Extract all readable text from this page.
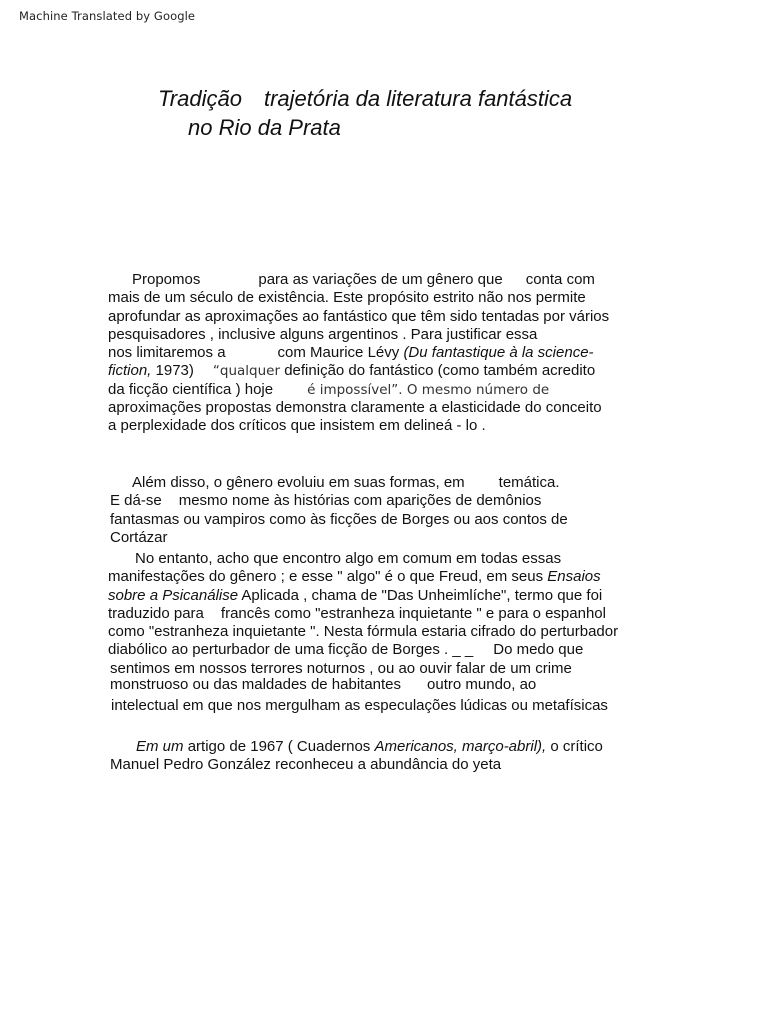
Machine Translated by Google
Tradição trajetória da literatura fantástica
no Rio da Prata
Propomos	para as variações de um gênero que conta com
mais de um século de existência. Este propósito estrito não nos permite
aprofundar as aproximações ao fantástico que têm sido tentadas por vários
pesquisadores , inclusive alguns argentinos . Para justificar essa
nos limitaremos a	com Maurice Lévy (Du fantastique à la science-
fiction, 1973) “qualquer definição do fantástico (como também acredito
da ficção científica ) hoje	é impossível”. O mesmo número de
aproximações propostas demonstra claramente a elasticidade do conceito
a perplexidade dos críticos que insistem em delineá - lo .
Além disso, o gênero evoluiu em suas formas, em temática.
E dá-se mesmo nome às histórias com aparições de demônios
fantasmas ou vampiros como às ficções de Borges ou aos contos de
Cortázar
No entanto, acho que encontro algo em comum em todas essas
manifestações do gênero ; e esse " algo" é o que Freud, em seus Ensaios
sobre a Psicanálise Aplicada , chama de "Das Unheimlíche", termo que foi
traduzido para francês como "estranheza inquietante " e para o espanhol
como "estranheza inquietante ". Nesta fórmula estaria cifrado do perturbador
diabólico ao perturbador de uma ficção de Borges . _ _ Do medo que
sentimos em nossos terrores noturnos , ou ao ouvir falar de um crime
monstruoso ou das maldades de habitantes outro mundo, ao
intelectual em que nos mergulham as especulações lúdicas ou metafísicas
Em um artigo de 1967 ( Cuadernos Americanos, março-abril), o crítico
Manuel Pedro González reconheceu a abundância do yeta
